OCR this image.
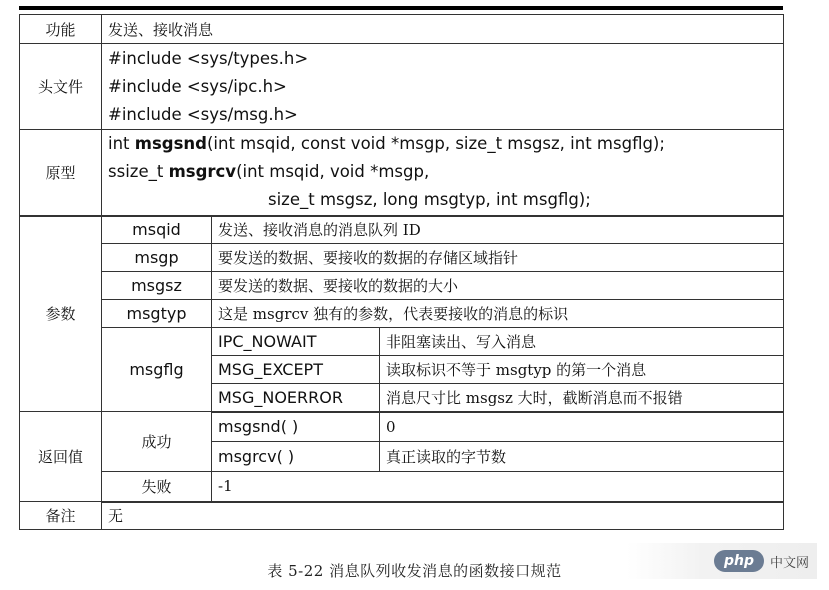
功能	发送、接收消息		
头文件	#include <sys/types.h>
#include <sys/ipc.h>
#include <sys/msg.h>		

原型	int msgsnd(int msqid, const void *msgp, size_t msgsz, int msgflg);
ssize_t msgrcv(int msqid, void *msgp,
size_t msgsz, long msgtyp, int msgflg);		

参数	msqid	发送、接收消息的消息队列 ID	
	msgp	要发送的数据、要接收的数据的存储区域指针	
	msgsz	要发送的数据、要接收的数据的大小	
	msgtyp	这是 msgrcv 独有的参数，代表要接收的消息的标识	
	msgflg	IPC_NOWAIT	非阻塞读出、写入消息
		MSG_EXCEPT	读取标识不等于 msgtyp 的第一个消息
		MSG_NOERROR	消息尺寸比 msgsz 大时，截断消息而不报错
返回值	成功	msgsnd( )	0
		msgrcv( )	真正读取的字节数
	失败	-1	
备注	无		
表 5-22 消息队列收发消息的函数接口规范
php	中文网
